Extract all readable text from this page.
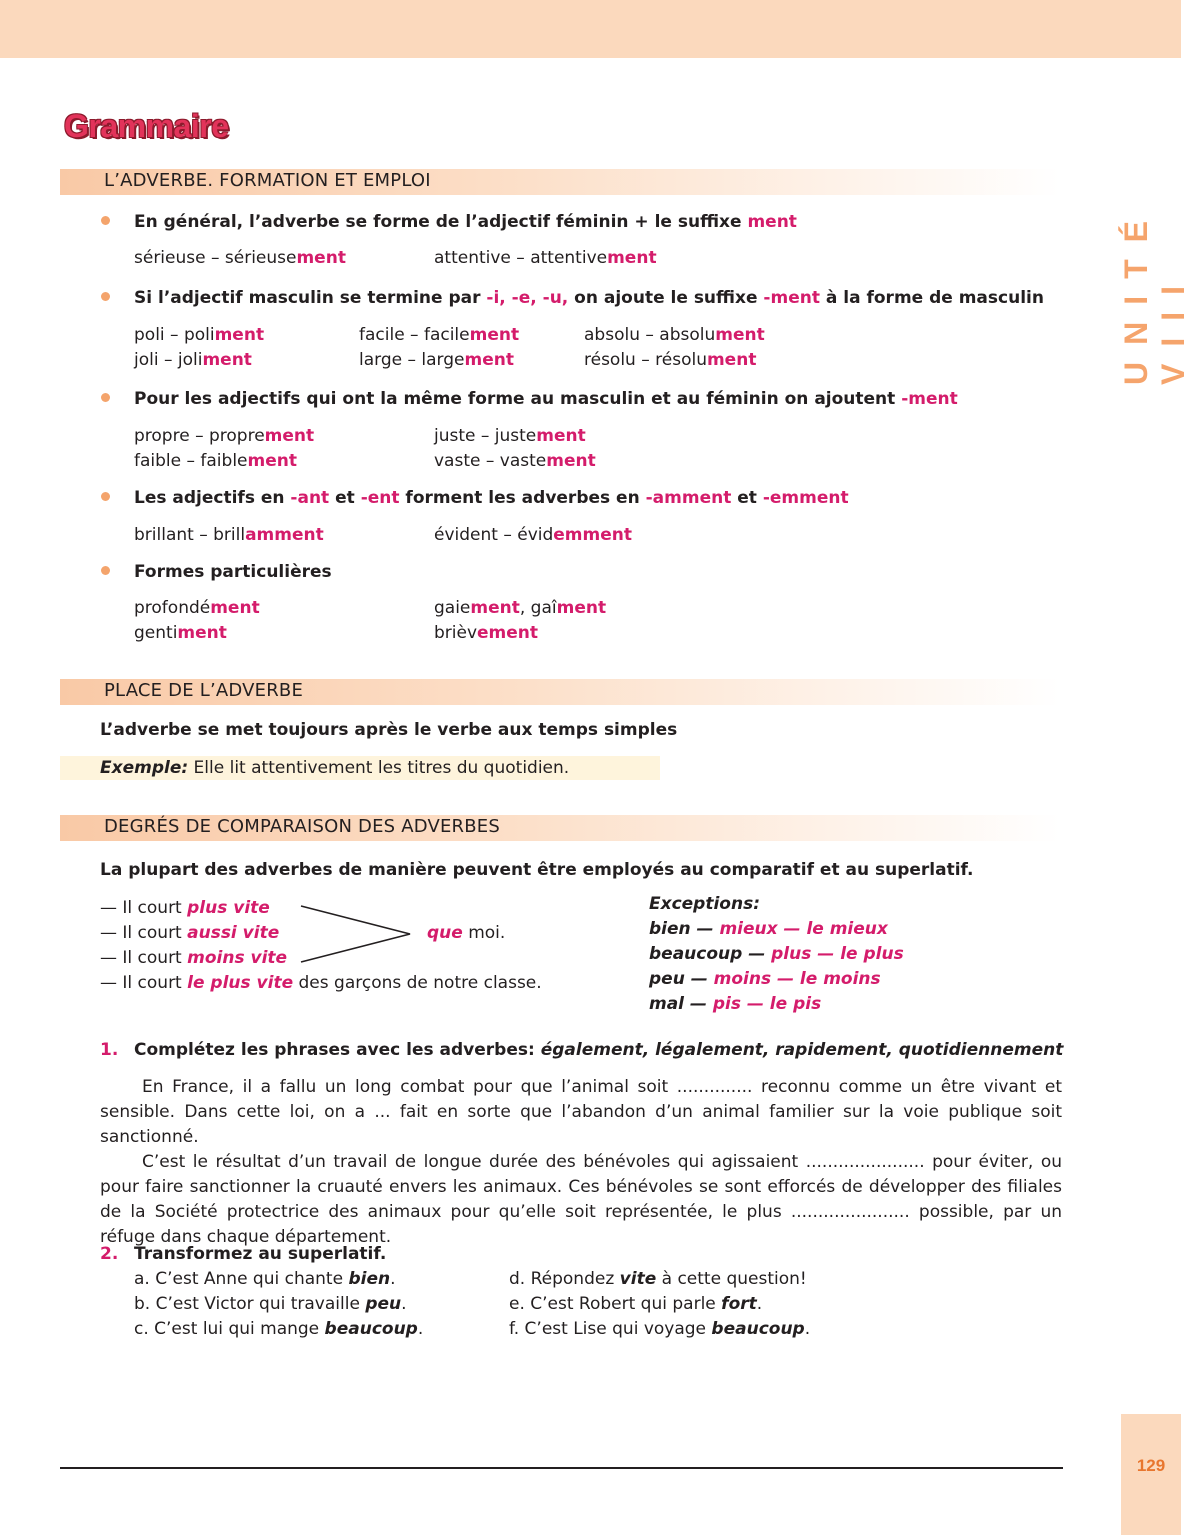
UNITÉ VIII
Grammaire
L’ADVERBE. FORMATION ET EMPLOI
En général, l’adverbe se forme de l’adjectif féminin + le suffixe ment
sérieuse – sérieusement	attentive – attentivement
Si l’adjectif masculin se termine par -i, -e, -u, on ajoute le suffixe -ment à la forme de masculin
poli – poliment	facile – facilement	absolu – absolument
joli – joliment	large – largement	résolu – résolument
Pour les adjectifs qui ont la même forme au masculin et au féminin on ajoutent -ment
propre – proprement	juste – justement
faible – faiblement	vaste – vastement
Les adjectifs en -ant et -ent forment les adverbes en -amment et -emment
brillant – brillamment	évident – évidemment
Formes particulières
profondément	gaiement, gaîment
gentiment	brièvement
PLACE DE L’ADVERBE
L’adverbe se met toujours après le verbe aux temps simples
Exemple: Elle lit attentivement les titres du quotidien.
DEGRÉS DE COMPARAISON DES ADVERBES
La plupart des adverbes de manière peuvent être employés au comparatif et au superlatif.
— Il court plus vite
— Il court aussi vite
— Il court moins vite
— Il court le plus vite des garçons de notre classe.
que moi.
Exceptions:
bien — mieux — le mieux
beaucoup — plus — le plus
peu — moins — le moins
mal — pis — le pis
1. Complétez les phrases avec les adverbes: également, légalement, rapidement, quotidiennement

En France, il a fallu un long combat pour que l’animal soit .............. reconnu comme un être vivant et sensible. Dans cette loi, on a ... fait en sorte que l’abandon d’un animal familier sur la voie publique soit sanctionné.

C’est le résultat d’un travail de longue durée des bénévoles qui agissaient ...................... pour éviter, ou pour faire sanctionner la cruauté envers les animaux. Ces bénévoles se sont efforcés de développer des filiales de la Société protectrice des animaux pour qu’elle soit représentée, le plus ...................... possible, par un réfuge dans chaque département.

2. Transformez au superlatif.
a. C’est Anne qui chante bien.
b. C’est Victor qui travaille peu.
c. C’est lui qui mange beaucoup.
d. Répondez vite à cette question!
e. C’est Robert qui parle fort.
f. C’est Lise qui voyage beaucoup.
129
